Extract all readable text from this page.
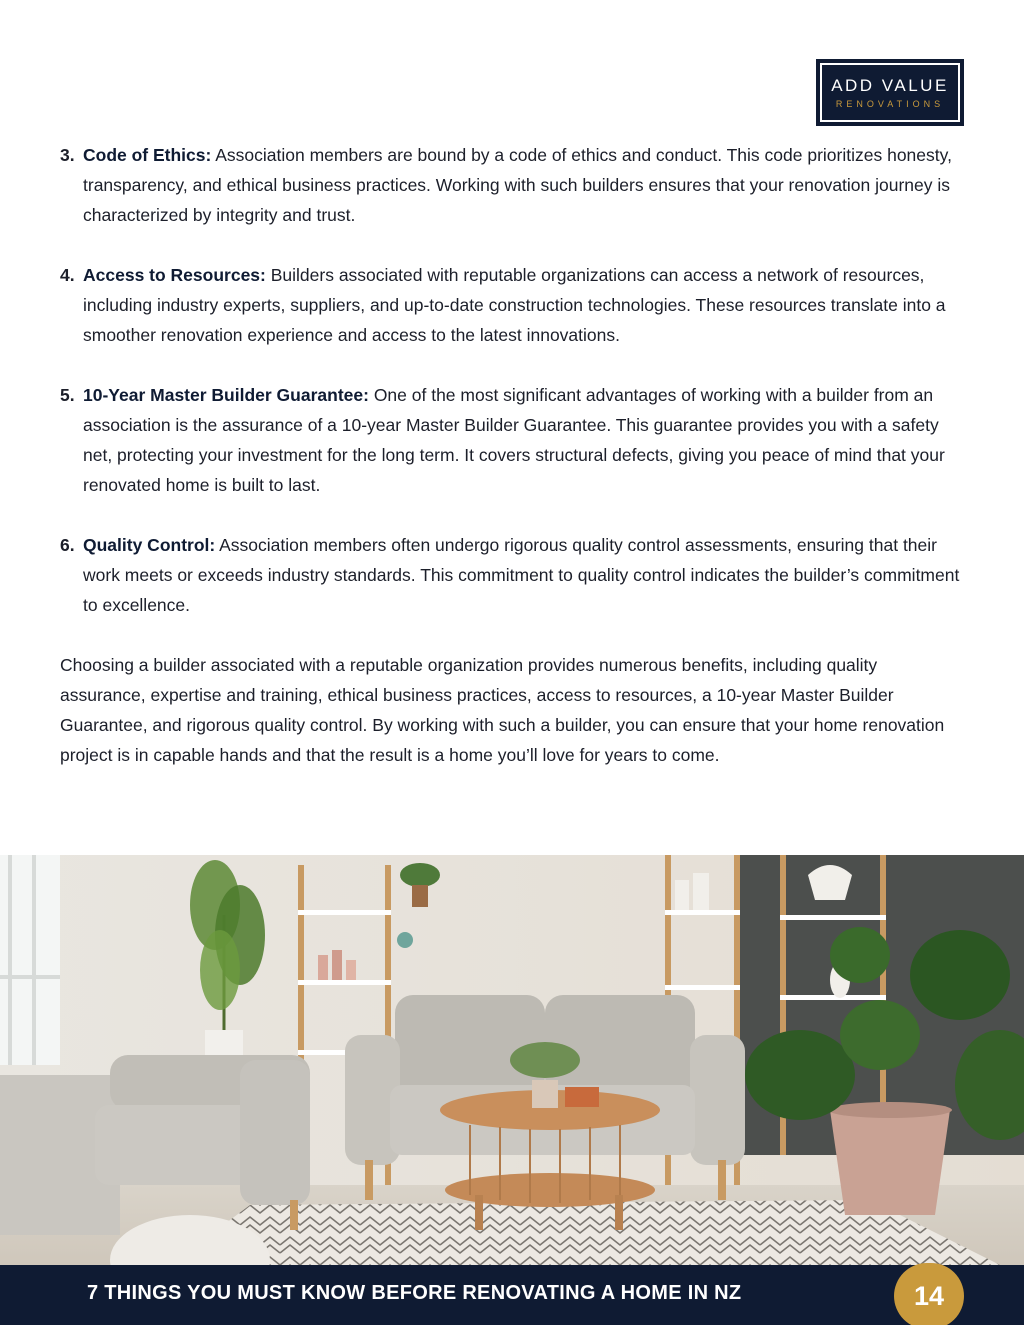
ADD VALUE
RENOVATIONS
3. Code of Ethics: Association members are bound by a code of ethics and conduct. This code prioritizes honesty, transparency, and ethical business practices. Working with such builders ensures that your renovation journey is characterized by integrity and trust.

4. Access to Resources: Builders associated with reputable organizations can access a network of resources, including industry experts, suppliers, and up-to-date construction technologies. These resources translate into a smoother renovation experience and access to the latest innovations.

5. 10-Year Master Builder Guarantee: One of the most significant advantages of working with a builder from an association is the assurance of a 10-year Master Builder Guarantee. This guarantee provides you with a safety net, protecting your investment for the long term. It covers structural defects, giving you peace of mind that your renovated home is built to last.

6. Quality Control: Association members often undergo rigorous quality control assessments, ensuring that their work meets or exceeds industry standards. This commitment to quality control indicates the builder’s commitment to excellence.

Choosing a builder associated with a reputable organization provides numerous benefits, including quality assurance, expertise and training, ethical business practices, access to resources, a 10-year Master Builder Guarantee, and rigorous quality control. By working with such a builder, you can ensure that your home renovation project is in capable hands and that the result is a home you’ll love for years to come.

7 THINGS YOU MUST KNOW BEFORE RENOVATING A HOME IN NZ	14
